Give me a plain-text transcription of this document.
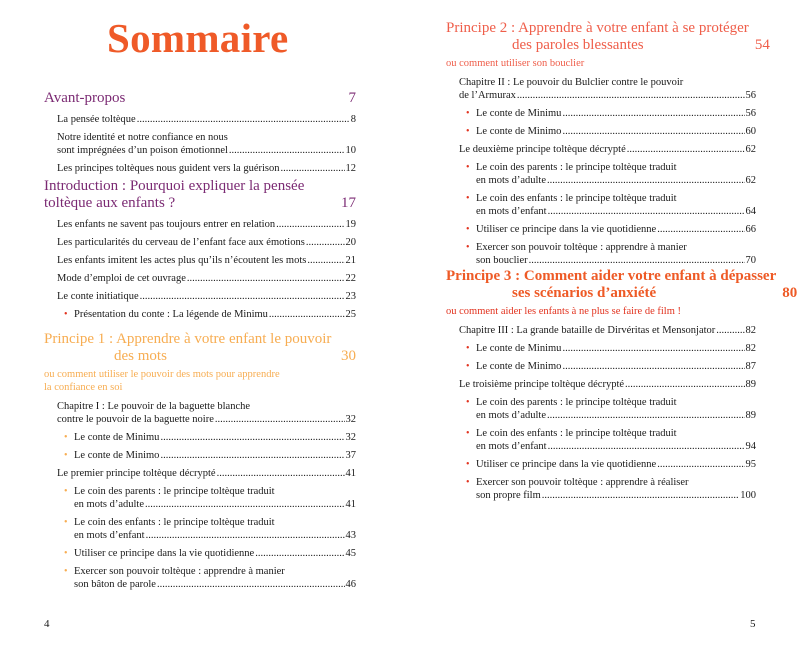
Sommaire
Avant-propos	7
La pensée toltèque .....	8
Notre identité et notre confiance en nous
sont imprégnées d’un poison émotionnel .....	10
Les principes toltèques nous guident vers la guérison .....	12
Introduction : Pourquoi expliquer la pensée
toltèque aux enfants ?	17
Les enfants ne savent pas toujours entrer en relation .....	19
Les particularités du cerveau de l’enfant face aux émotions .....	20
Les enfants imitent les actes plus qu’ils n’écoutent les mots .....	21
Mode d’emploi de cet ouvrage .....	22
Le conte initiatique .....	23
• Présentation du conte : La légende de Minimu .....	25
Principe 1 : Apprendre à votre enfant le pouvoir
des mots	30
ou comment utiliser le pouvoir des mots pour apprendre
la confiance en soi
Chapitre I : Le pouvoir de la baguette blanche
contre le pouvoir de la baguette noire .....	32
• Le conte de Minimu .....	32
• Le conte de Minimo .....	37
Le premier principe toltèque décrypté .....	41
• Le coin des parents : le principe toltèque traduit
en mots d’adulte .....	41
• Le coin des enfants : le principe toltèque traduit
en mots d’enfant .....	43
• Utiliser ce principe dans la vie quotidienne .....	45
• Exercer son pouvoir toltèque : apprendre à manier
son bâton de parole .....	46
4
Principe 2 : Apprendre à votre enfant à se protéger
des paroles blessantes	54
ou comment utiliser son bouclier
Chapitre II : Le pouvoir du Bulclier contre le pouvoir
de l’Armurax .....	56
• Le conte de Minimu .....	56
• Le conte de Minimo .....	60
Le deuxième principe toltèque décrypté .....	62
• Le coin des parents : le principe toltèque traduit
en mots d’adulte .....	62
• Le coin des enfants : le principe toltèque traduit
en mots d’enfant .....	64
• Utiliser ce principe dans la vie quotidienne .....	66
• Exercer son pouvoir toltèque : apprendre à manier
son bouclier .....	70
Principe 3 : Comment aider votre enfant à dépasser
ses scénarios d’anxiété	80
ou comment aider les enfants à ne plus se faire de film !
Chapitre III : La grande bataille de Dirvéritas et Mensonjator .....	82
• Le conte de Minimu .....	82
• Le conte de Minimo .....	87
Le troisième principe toltèque décrypté .....	89
• Le coin des parents : le principe toltèque traduit
en mots d’adulte .....	89
• Le coin des enfants : le principe toltèque traduit
en mots d’enfant .....	94
• Utiliser ce principe dans la vie quotidienne .....	95
• Exercer son pouvoir toltèque : apprendre à réaliser
son propre film .....	100
5
